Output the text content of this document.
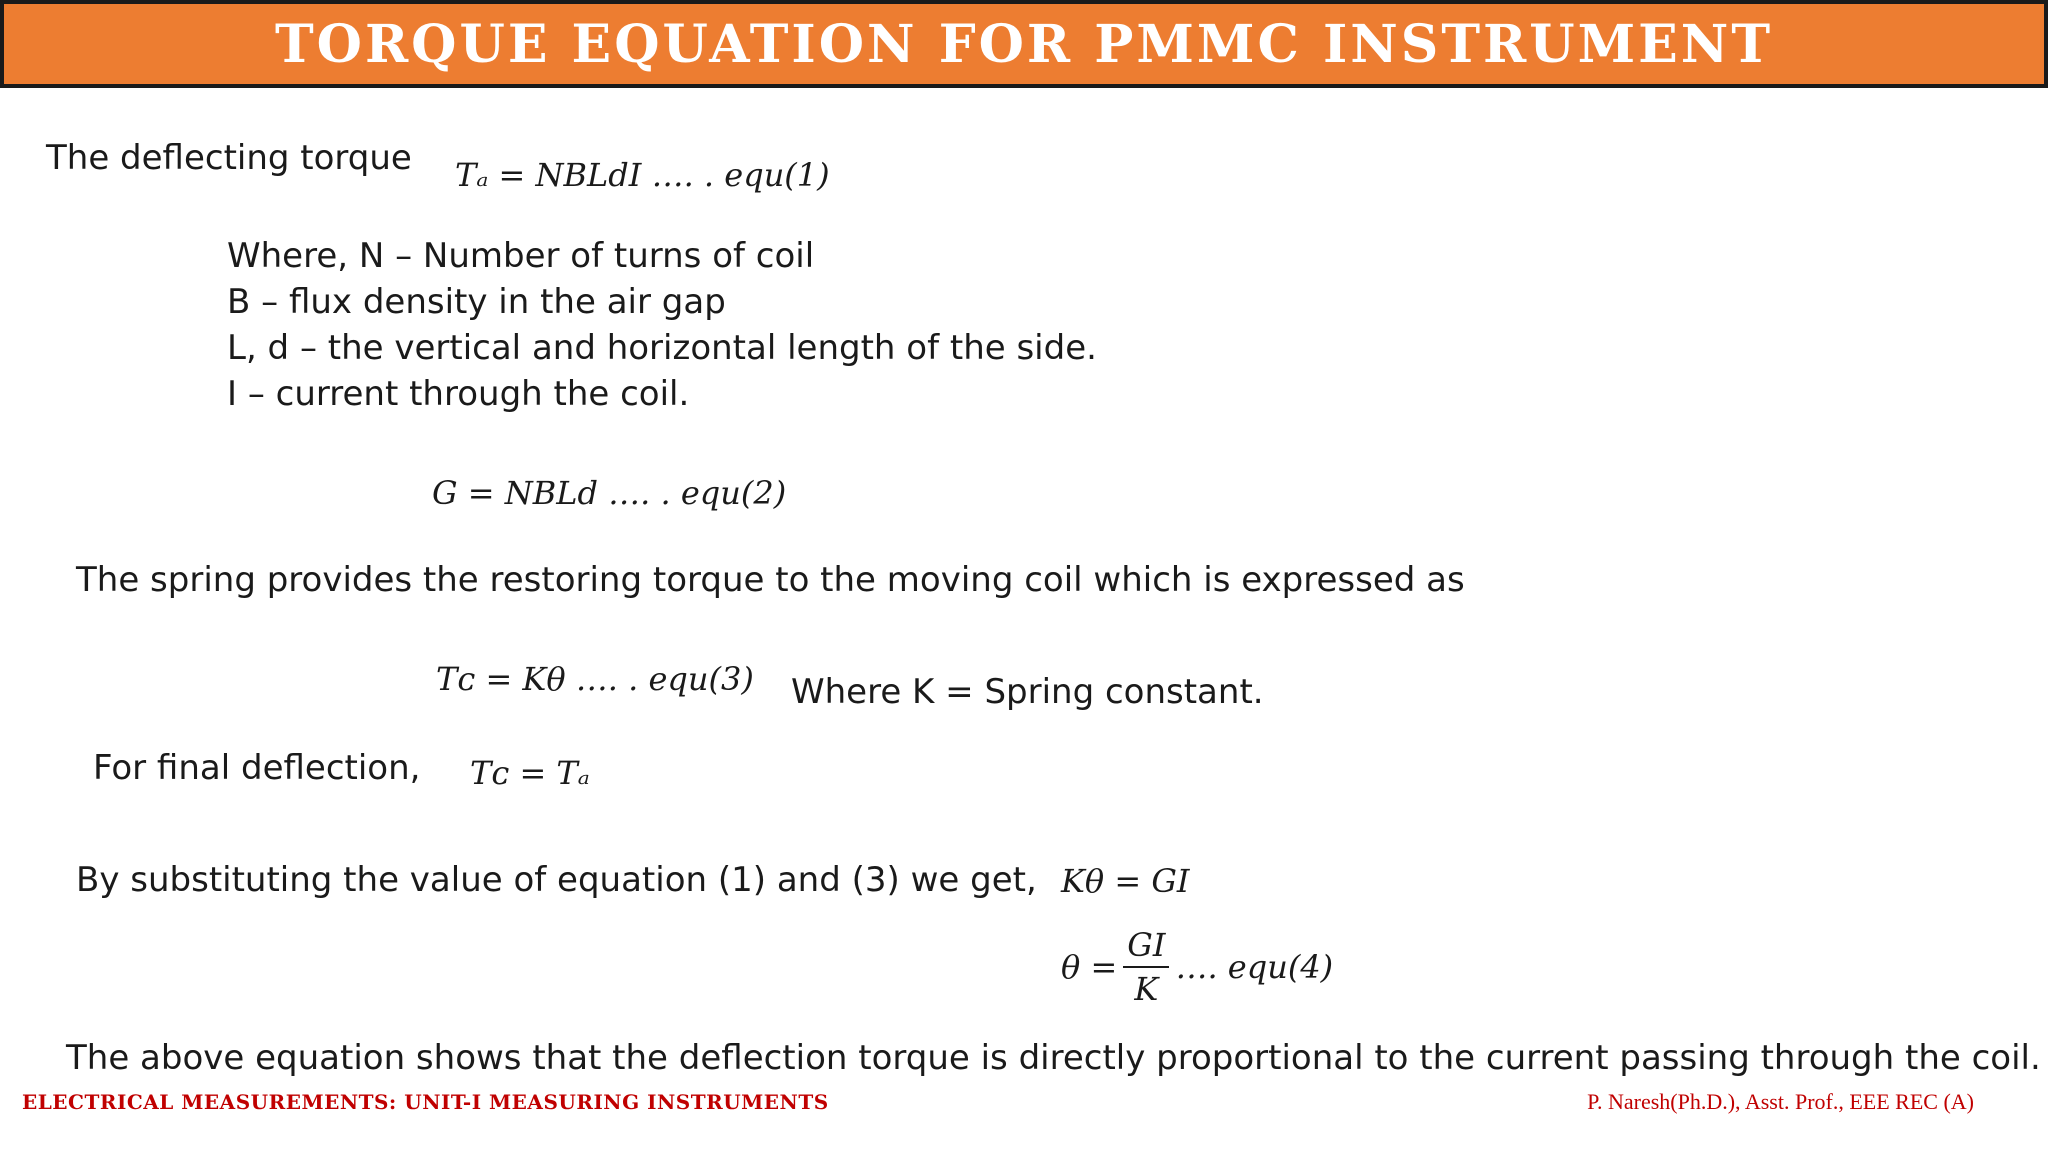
TORQUE EQUATION FOR PMMC INSTRUMENT
The deflecting torque Tₐ = NBLdI …. . equ(1)
Where, N – Number of turns of coil
B – flux density in the air gap
L, d – the vertical and horizontal length of the side.
I – current through the coil.
G = NBLd …. . equ(2)
The spring provides the restoring torque to the moving coil which is expressed as
Tᴄ = Kθ …. . equ(3) Where K = Spring constant.
For final deflection, Tᴄ = Tₐ
By substituting the value of equation (1) and (3) we get, Kθ = GI
$\theta = \frac{GI}{K}$ …. equ(4)
The above equation shows that the deflection torque is directly proportional to the current passing through the coil.
ELECTRICAL MEASUREMENTS: UNIT-I MEASURING INSTRUMENTS	P. Naresh(Ph.D.), Asst. Prof., EEE REC (A)
